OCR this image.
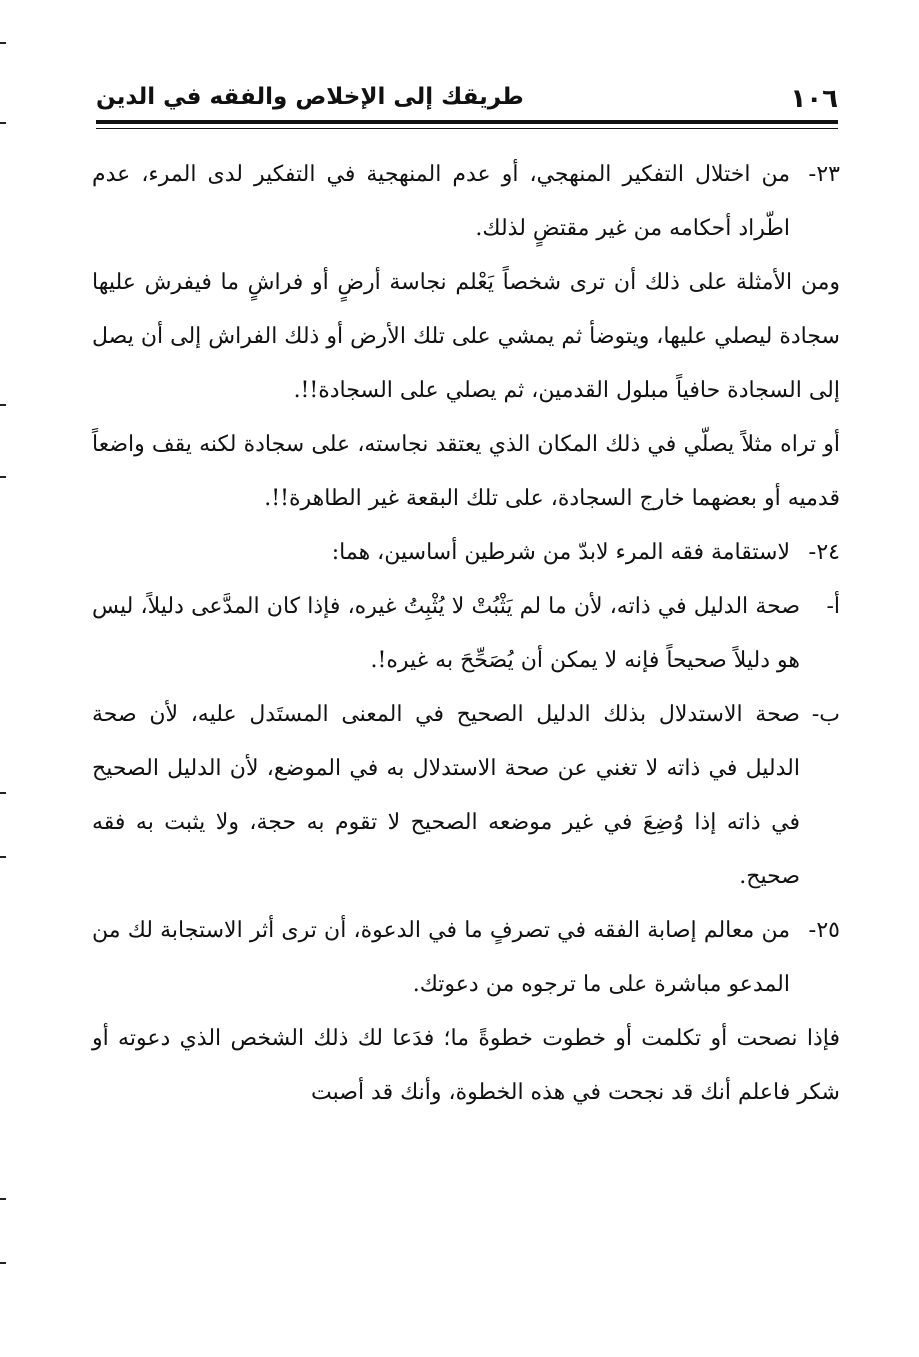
١٠٦
طريقك إلى الإخلاص والفقه في الدين

٢٣-من اختلال التفكير المنهجي، أو عدم المنهجية في التفكير لدى المرء، عدم اطّراد أحكامه من غير مقتضٍ لذلك.

ومن الأمثلة على ذلك أن ترى شخصاً يَعْلم نجاسة أرضٍ أو فراشٍ ما فيفرش عليها سجادة ليصلي عليها، ويتوضأ ثم يمشي على تلك الأرض أو ذلك الفراش إلى أن يصل إلى السجادة حافياً مبلول القدمين، ثم يصلي على السجادة!!.

أو تراه مثلاً يصلّي في ذلك المكان الذي يعتقد نجاسته، على سجادة لكنه يقف واضعاً قدميه أو بعضهما خارج السجادة، على تلك البقعة غير الطاهرة!!.

٢٤-لاستقامة فقه المرء لابدّ من شرطين أساسين، هما:

أ-صحة الدليل في ذاته، لأن ما لم يَثْبُتْ لا يُثْبِتُ غيره، فإذا كان المدَّعى دليلاً، ليس هو دليلاً صحيحاً فإنه لا يمكن أن يُصَحِّحَ به غيره!.

ب-صحة الاستدلال بذلك الدليل الصحيح في المعنى المستَدل عليه، لأن صحة الدليل في ذاته لا تغني عن صحة الاستدلال به في الموضع، لأن الدليل الصحيح في ذاته إذا وُضِعَ في غير موضعه الصحيح لا تقوم به حجة، ولا يثبت به فقه صحيح.

٢٥-من معالم إصابة الفقه في تصرفٍ ما في الدعوة، أن ترى أثر الاستجابة لك من المدعو مباشرة على ما ترجوه من دعوتك.

فإذا نصحت أو تكلمت أو خطوت خطوةً ما؛ فدَعا لك ذلك الشخص الذي دعوته أو شكر فاعلم أنك قد نجحت في هذه الخطوة، وأنك قد أصبت
